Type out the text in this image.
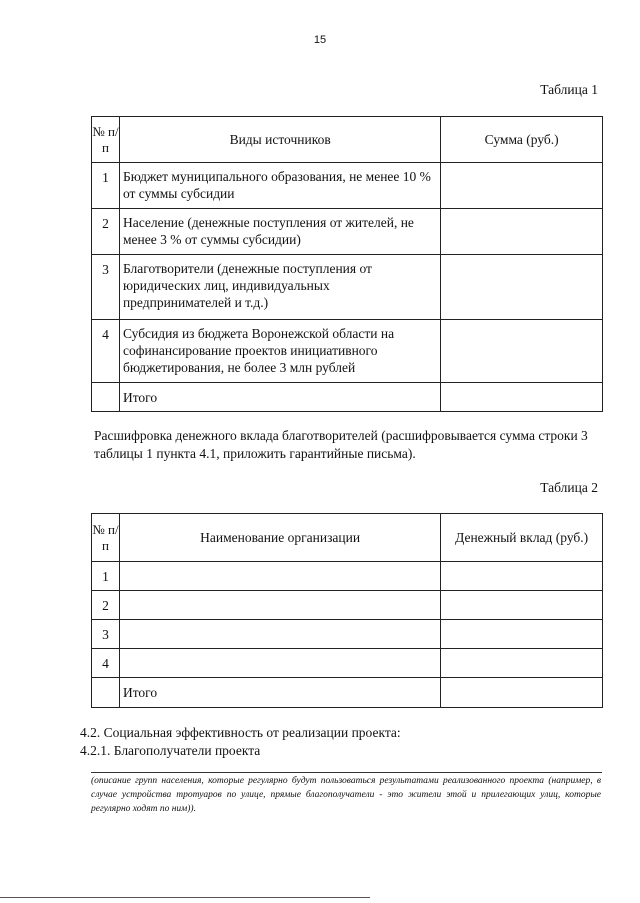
15
Таблица 1
№ п/п	Виды источников	Сумма (руб.)
1	Бюджет муниципального образования, не менее 10 % от суммы субсидии	
2	Население (денежные поступления от жителей, не менее 3 % от суммы субсидии)	
3	Благотворители (денежные поступления от юридических лиц, индивидуальных предпринимателей и т.д.)	
4	Субсидия из бюджета Воронежской области на софинансирование проектов инициативного бюджетирования, не более 3 млн рублей	
	Итого	
Расшифровка денежного вклада благотворителей (расшифровывается сумма строки 3 таблицы 1 пункта 4.1, приложить гарантийные письма).
Таблица 2
№ п/п	Наименование организации	Денежный вклад (руб.)
1		
2		
3		
4		
	Итого	
4.2. Социальная эффективность от реализации проекта:
4.2.1. Благополучатели проекта
(описание групп населения, которые регулярно будут пользоваться результатами реализованного проекта (например, в случае устройства тротуаров по улице, прямые благополучатели - это жители этой и прилегающих улиц, которые регулярно ходят по ним)).
